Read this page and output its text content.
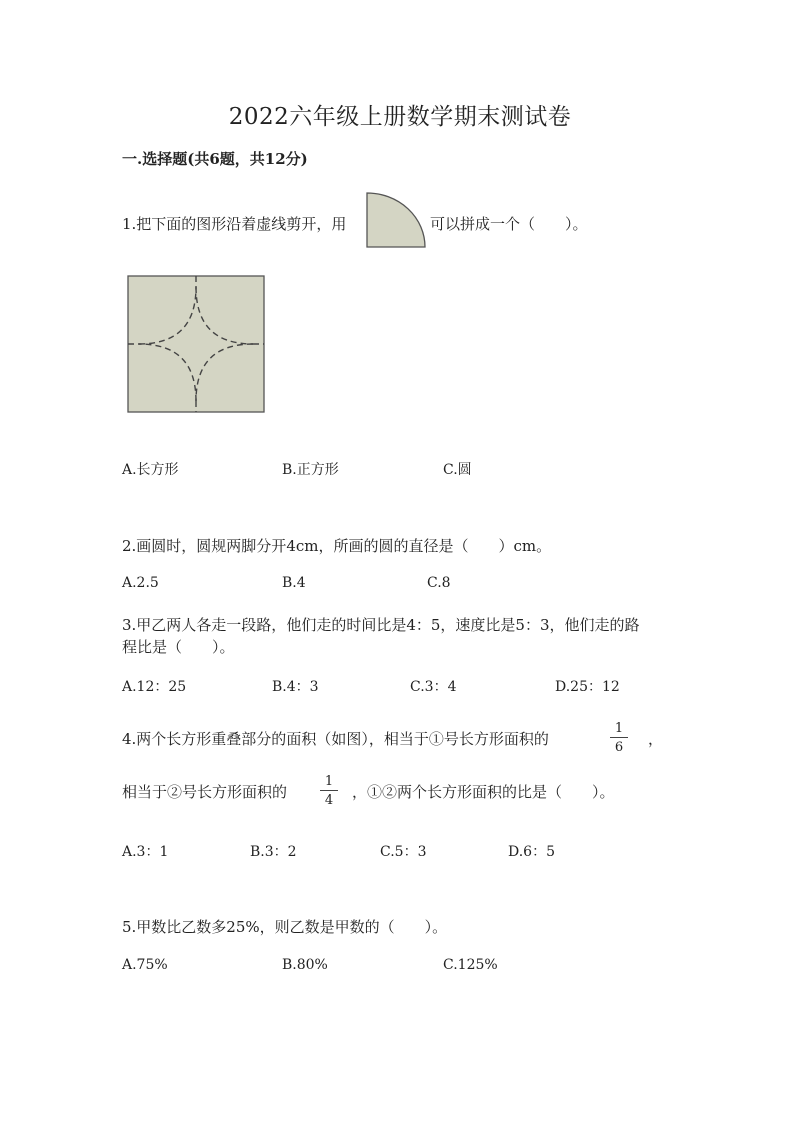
2022六年级上册数学期末测试卷
一.选择题(共6题，共12分)
1.把下面的图形沿着虚线剪开，用	可以拼成一个（　　）。
A.长方形	B.正方形	C.圆
2.画圆时，圆规两脚分开4cm，所画的圆的直径是（　　）cm。
A.2.5	B.4	C.8
3.甲乙两人各走一段路，他们走的时间比是4：5，速度比是5：3，他们走的路
程比是（　　）。
A.12：25	B.4：3	C.3：4	D.25：12
4.两个长方形重叠部分的面积（如图），相当于①号长方形面积的
1
6	，
相当于②号长方形面积的
1
4	，①②两个长方形面积的比是（　　）。
A.3：1	B.3：2	C.5：3	D.6：5
5.甲数比乙数多25%，则乙数是甲数的（　　）。
A.75%	B.80%	C.125%
